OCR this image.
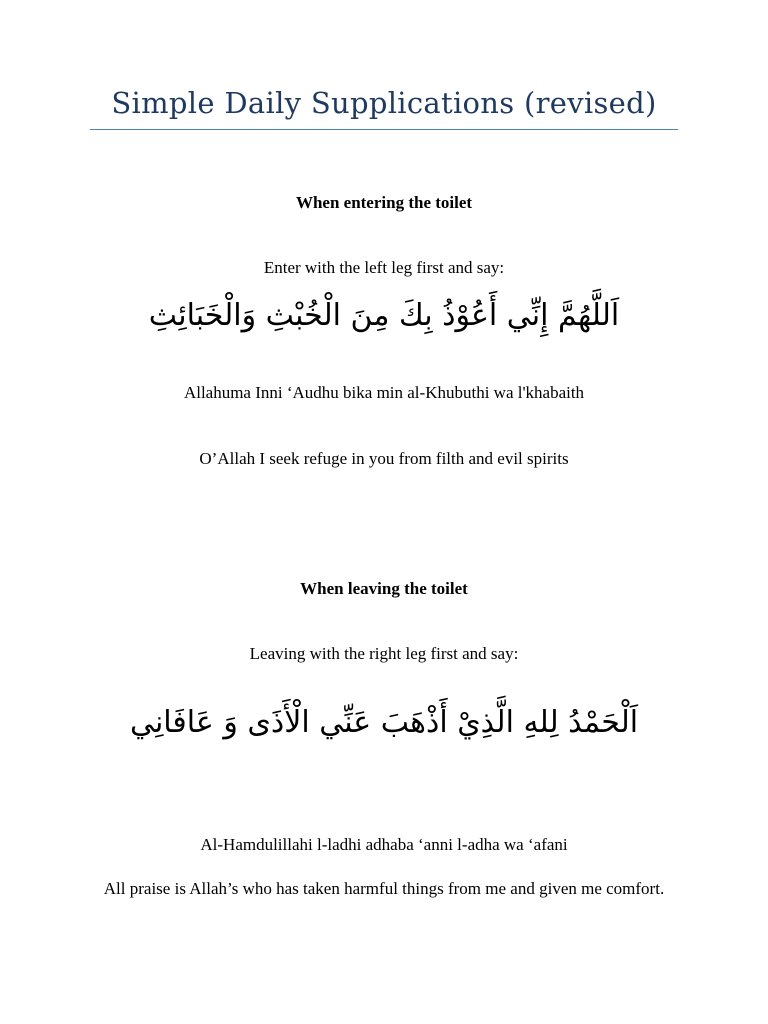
Simple Daily Supplications (revised)
When entering the toilet
Enter with the left leg first and say:
اَللَّهُمَّ إِنِّي أَعُوْذُ بِكَ مِنَ الْخُبْثِ وَالْخَبَائِثِ
Allahuma Inni ‘Audhu bika min al-Khubuthi wa l'khabaith
O’Allah I seek refuge in you from filth and evil spirits
When leaving the toilet
Leaving with the right leg first and say:
اَلْحَمْدُ لِلهِ الَّذِيْ أَذْهَبَ عَنِّي الْأَذَى وَ عَافَانِي
Al-Hamdulillahi l-ladhi adhaba ‘anni l-adha wa ‘afani
All praise is Allah’s who has taken harmful things from me and given me comfort.
